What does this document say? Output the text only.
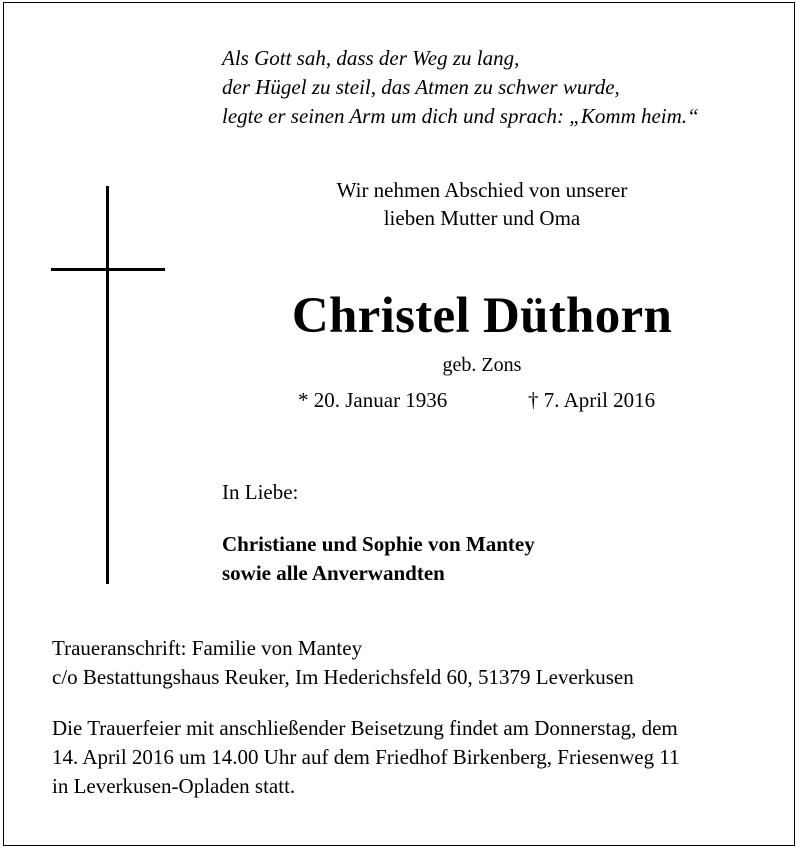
Als Gott sah, dass der Weg zu lang,
der Hügel zu steil, das Atmen zu schwer wurde,
legte er seinen Arm um dich und sprach: „Komm heim.“
Wir nehmen Abschied von unserer
lieben Mutter und Oma
Christel Düthorn
geb. Zons
* 20. Januar 1936	† 7. April 2016
In Liebe:
Christiane und Sophie von Mantey
sowie alle Anverwandten
Traueranschrift: Familie von Mantey
c/o Bestattungshaus Reuker, Im Hederichsfeld 60, 51379 Leverkusen
Die Trauerfeier mit anschließender Beisetzung findet am Donnerstag, dem
14. April 2016 um 14.00 Uhr auf dem Friedhof Birkenberg, Friesenweg 11
in Leverkusen-Opladen statt.
